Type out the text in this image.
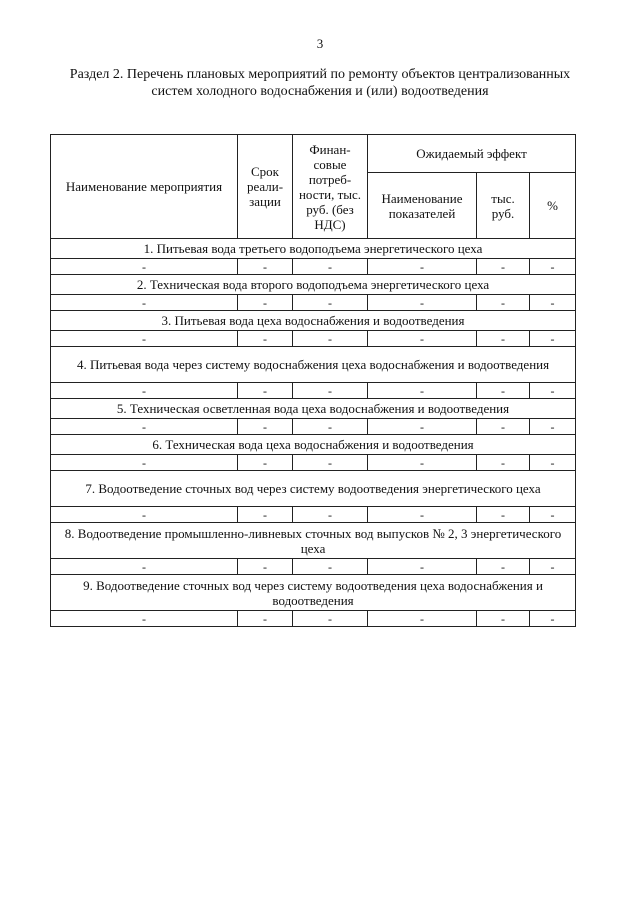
3
Раздел 2. Перечень плановых мероприятий по ремонту объектов централизованных систем холодного водоснабжения и (или) водоотведения
Наименование мероприятия	Срок реали-зации	Финан-совые потреб-ности, тыс. руб. (без НДС)	Ожидаемый эффект		
			Наименование показателей	тыс. руб.	%
1. Питьевая вода третьего водоподъема энергетического цеха					
-	-	-	-	-	-
2. Техническая вода второго водоподъема энергетического цеха					
-	-	-	-	-	-
3. Питьевая вода цеха водоснабжения и водоотведения					
-	-	-	-	-	-
4. Питьевая вода через систему водоснабжения цеха водоснабжения и водоотведения					
-	-	-	-	-	-
5. Техническая осветленная вода цеха водоснабжения и водоотведения					
-	-	-	-	-	-
6. Техническая вода цеха водоснабжения и водоотведения					
-	-	-	-	-	-
7. Водоотведение сточных вод через систему водоотведения энергетического цеха					
-	-	-	-	-	-
8. Водоотведение промышленно-ливневых сточных вод выпусков № 2, 3 энергетического цеха					
-	-	-	-	-	-
9. Водоотведение сточных вод через систему водоотведения цеха водоснабжения и водоотведения					
-	-	-	-	-	-
